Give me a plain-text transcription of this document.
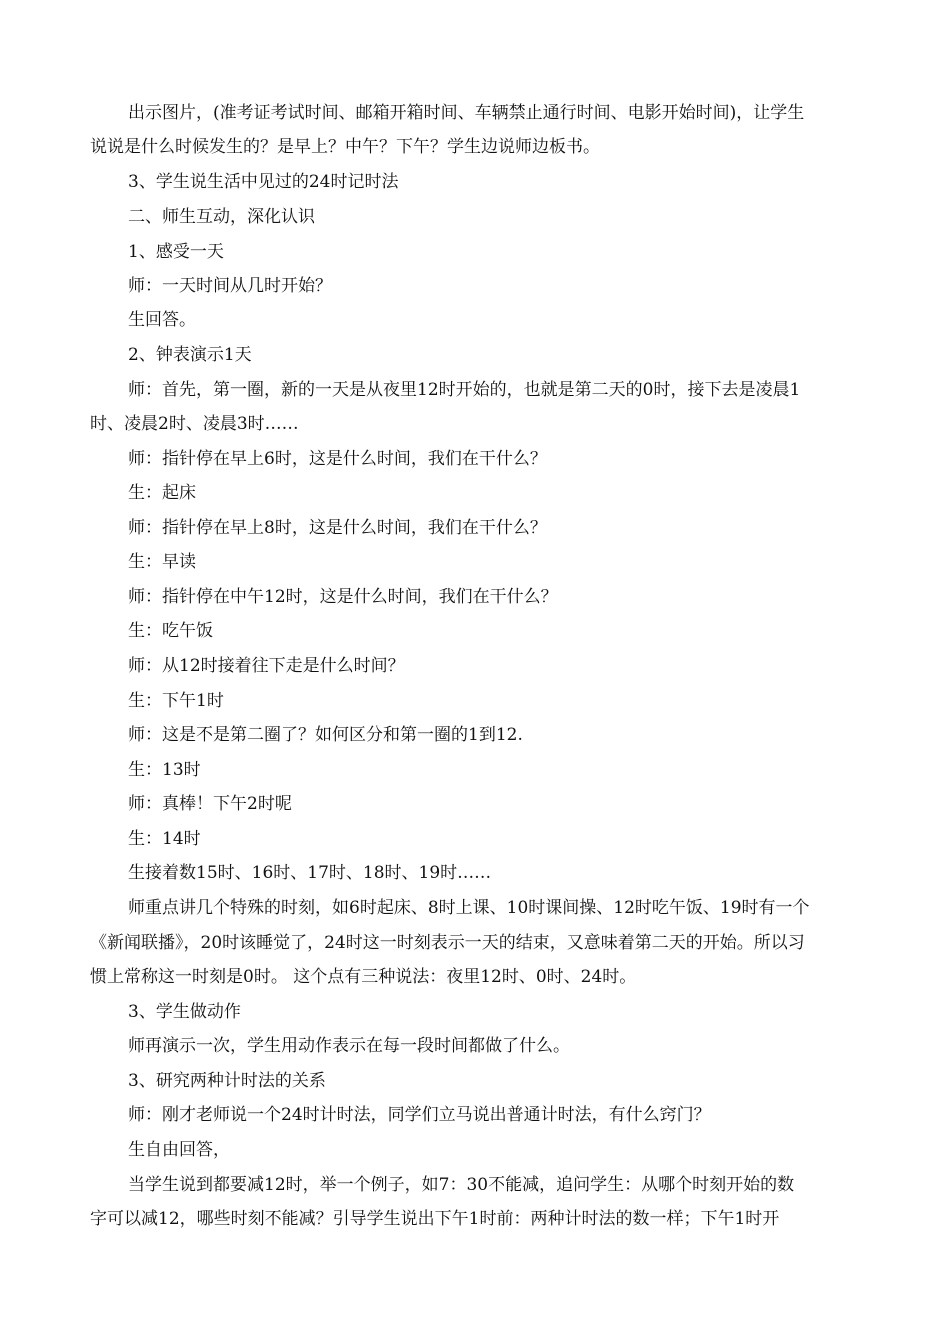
出示图片，(准考证考试时间、邮箱开箱时间、车辆禁止通行时间、电影开始时间)，让学生
说说是什么时候发生的？是早上？中午？下午？学生边说师边板书。
3、学生说生活中见过的24时记时法
二、师生互动，深化认识
1、感受一天
师：一天时间从几时开始？
生回答。
2、钟表演示1天
师：首先，第一圈，新的一天是从夜里12时开始的，也就是第二天的0时，接下去是凌晨1
时、凌晨2时、凌晨3时……
师：指针停在早上6时，这是什么时间，我们在干什么？
生：起床
师：指针停在早上8时，这是什么时间，我们在干什么？
生：早读
师：指针停在中午12时，这是什么时间，我们在干什么？
生：吃午饭
师：从12时接着往下走是什么时间？
生：下午1时
师：这是不是第二圈了？如何区分和第一圈的1到12.
生：13时
师：真棒！下午2时呢
生：14时
生接着数15时、16时、17时、18时、19时……
师重点讲几个特殊的时刻，如6时起床、8时上课、10时课间操、12时吃午饭、19时有一个
《新闻联播》，20时该睡觉了，24时这一时刻表示一天的结束，又意味着第二天的开始。所以习
惯上常称这一时刻是0时。 这个点有三种说法：夜里12时、0时、24时。
3、学生做动作
师再演示一次，学生用动作表示在每一段时间都做了什么。
3、研究两种计时法的关系
师：刚才老师说一个24时计时法，同学们立马说出普通计时法，有什么窍门？
生自由回答，
当学生说到都要减12时，举一个例子，如7：30不能减，追问学生：从哪个时刻开始的数
字可以减12，哪些时刻不能减？引导学生说出下午1时前：两种计时法的数一样；下午1时开
